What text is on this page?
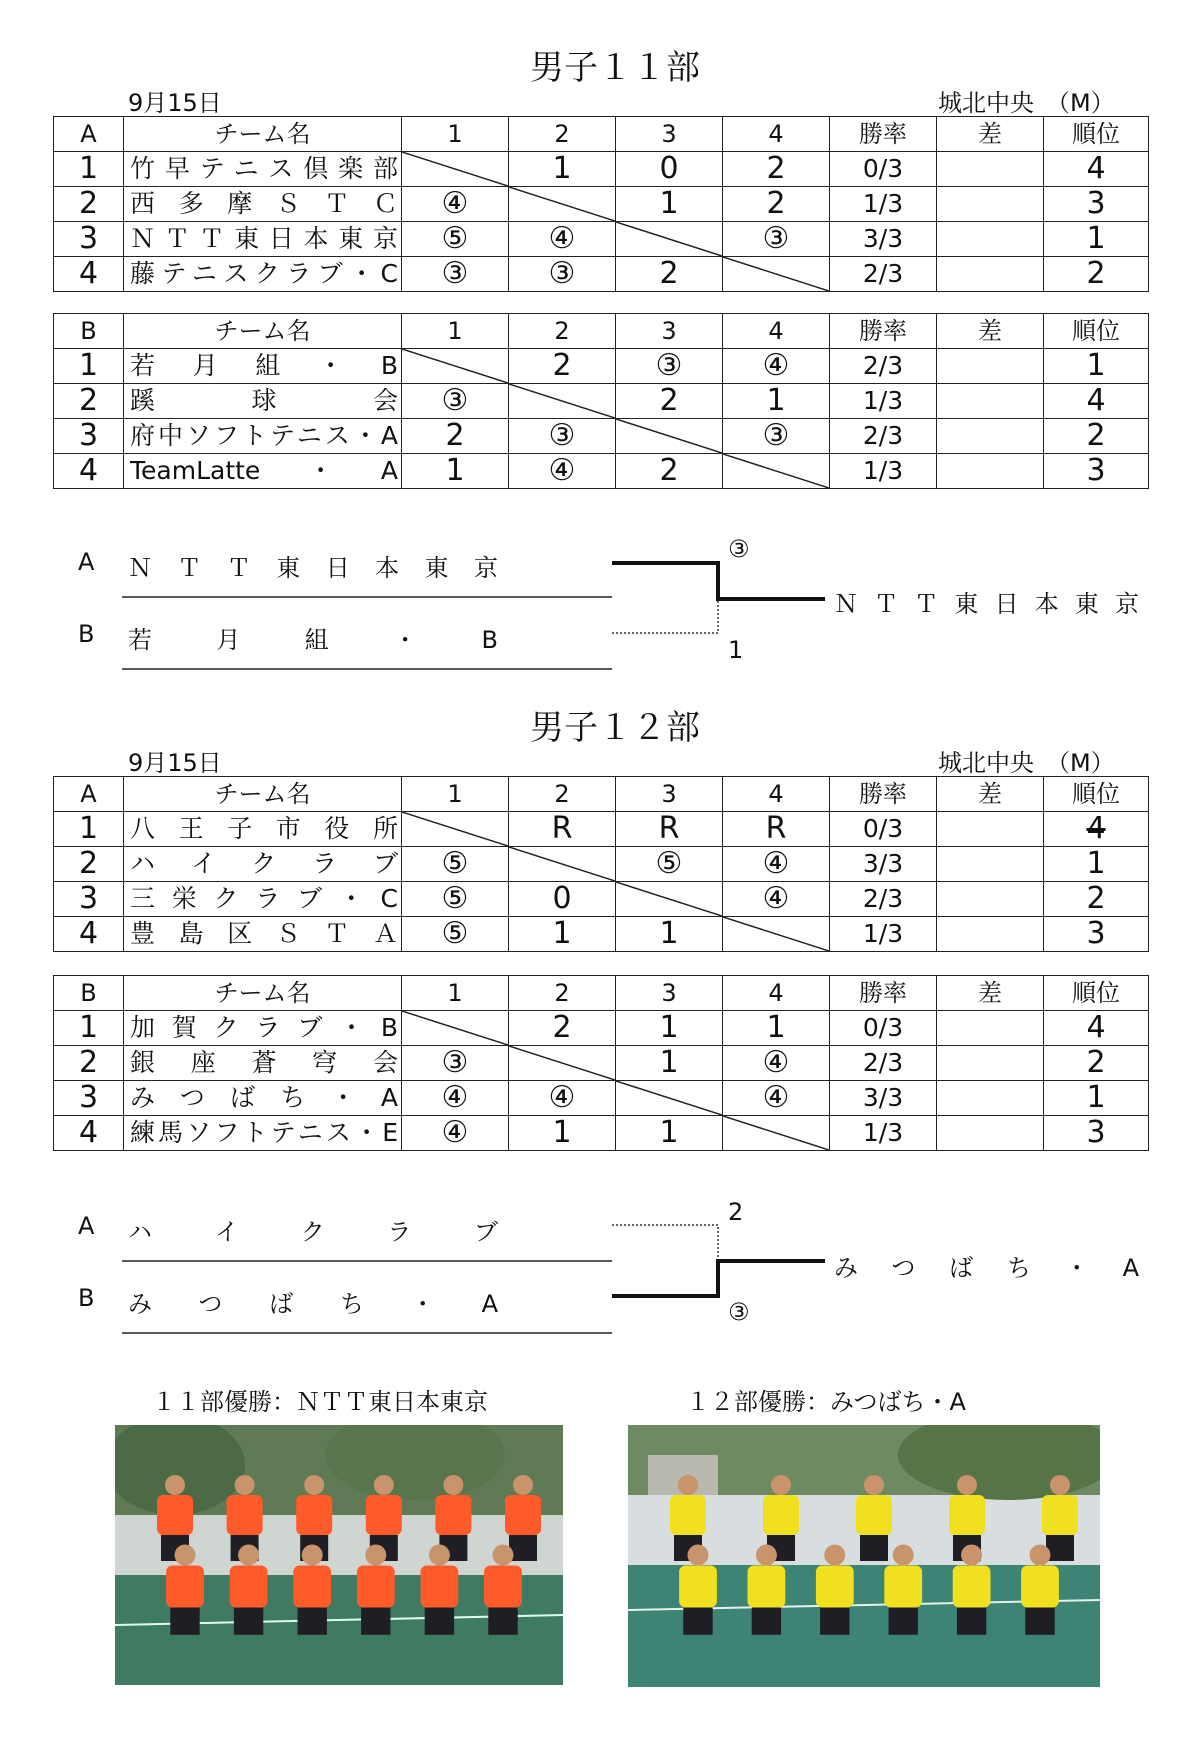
男子１１部
9月15日	城北中央　（M）
A	チーム名	1	2	3	4	勝率	差	順位
1	竹早テニス倶楽部		1	0	2	0/3		4
2	西多摩ＳＴＣ	④		1	2	1/3		3
3	ＮＴＴ東日本東京	⑤	④		③	3/3		1
4	藤テニスクラブ・C	③	③	2		2/3		2
B	チーム名	1	2	3	4	勝率	差	順位
1	若月組・B		2	③	④	2/3		1
2	蹊球会	③		2	1	1/3		4
3	府中ソフトテニス・A	2	③		③	2/3		2
4	TeamLatte・A	1	④	2		1/3		3
A ＮＴＴ東日本東京
B 若月組・B
③
1
ＮＴＴ東日本東京
男子１２部
9月15日	城北中央　（M）
A	チーム名	1	2	3	4	勝率	差	順位
1	八王子市役所		R	R	R	0/3		4
2	ハイクラブ	⑤		⑤	④	3/3		1
3	三栄クラブ・C	⑤	0		④	2/3		2
4	豊島区ＳＴＡ	⑤	1	1		1/3		3
B	チーム名	1	2	3	4	勝率	差	順位
1	加賀クラブ・B		2	1	1	0/3		4
2	銀座蒼穹会	③		1	④	2/3		2
3	みつばち・A	④	④		④	3/3		1
4	練馬ソフトテニス・E	④	1	1		1/3		3
A ハイクラブ
B みつばち・A
2
③
みつばち・A
１１部優勝：ＮＴＴ東日本東京	１２部優勝：みつばち・A
